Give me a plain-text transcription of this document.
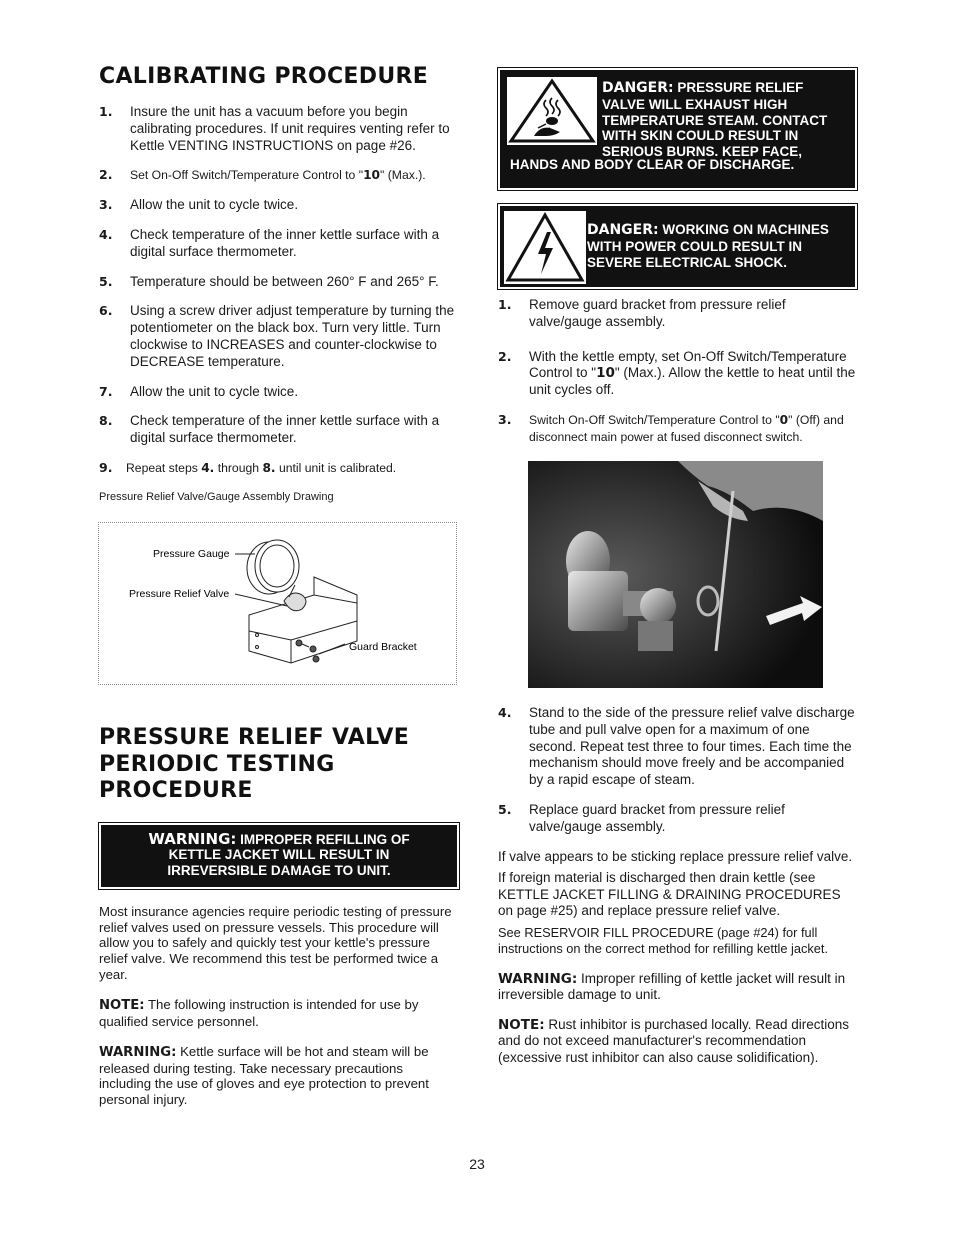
CALIBRATING PROCEDURE
1. Insure the unit has a vacuum before you begin calibrating procedures. If unit requires venting refer to Kettle VENTING INSTRUCTIONS on page #26.
2. Set On-Off Switch/Temperature Control to "10" (Max.).
3. Allow the unit to cycle twice.
4. Check temperature of the inner kettle surface with a digital surface thermometer.
5. Temperature should be between 260° F and 265° F.
6. Using a screw driver adjust temperature by turning the potentiometer on the black box. Turn very little. Turn clockwise to INCREASES and counter-clockwise to DECREASE temperature.
7. Allow the unit to cycle twice.
8. Check temperature of the inner kettle surface with a digital surface thermometer.
9. Repeat steps 4. through 8. until unit is calibrated.
Pressure Relief Valve/Gauge Assembly Drawing
Pressure Gauge
Pressure Relief Valve
Guard Bracket
PRESSURE RELIEF VALVE
PERIODIC TESTING
PROCEDURE
WARNING: IMPROPER REFILLING OF
KETTLE JACKET WILL RESULT IN
IRREVERSIBLE DAMAGE TO UNIT.
Most insurance agencies require periodic testing of pressure relief valves used on pressure vessels. This procedure will allow you to safely and quickly test your kettle's pressure relief valve. We recommend this test be performed twice a year.
NOTE: The following instruction is intended for use by qualified service personnel.
WARNING: Kettle surface will be hot and steam will be released during testing. Take necessary precautions including the use of gloves and eye protection to prevent personal injury.
DANGER: PRESSURE RELIEF
VALVE WILL EXHAUST HIGH
TEMPERATURE STEAM. CONTACT
WITH SKIN COULD RESULT IN
SERIOUS BURNS. KEEP FACE,
HANDS AND BODY CLEAR OF DISCHARGE.
DANGER: WORKING ON MACHINES
WITH POWER COULD RESULT IN
SEVERE ELECTRICAL SHOCK.
1. Remove guard bracket from pressure relief valve/gauge assembly.
2. With the kettle empty, set On-Off Switch/Temperature Control to "10" (Max.). Allow the kettle to heat until the unit cycles off.
3. Switch On-Off Switch/Temperature Control to "0" (Off) and disconnect main power at fused disconnect switch.
4. Stand to the side of the pressure relief valve discharge tube and pull valve open for a maximum of one second. Repeat test three to four times. Each time the mechanism should move freely and be accompanied by a rapid escape of steam.
5. Replace guard bracket from pressure relief valve/gauge assembly.
If valve appears to be sticking replace pressure relief valve.
If foreign material is discharged then drain kettle (see KETTLE JACKET FILLING & DRAINING PROCEDURES on page #25) and replace pressure relief valve.
See RESERVOIR FILL PROCEDURE (page #24) for full instructions on the correct method for refilling kettle jacket.
WARNING: Improper refilling of kettle jacket will result in irreversible damage to unit.
NOTE: Rust inhibitor is purchased locally. Read directions and do not exceed manufacturer's recommendation (excessive rust inhibitor can also cause solidification).
23
